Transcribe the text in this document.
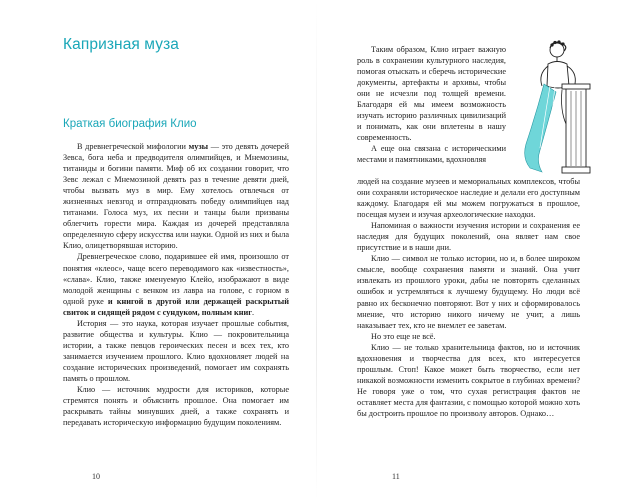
Капризная муза
Краткая биография Клио

В древнегреческой мифологии музы — это девять дочерей Зевса, бога неба и предводителя олимпийцев, и Мнемозины, титаниды и богини памяти. Миф об их создании говорит, что Зевс лежал с Мнемозиной девять раз в течение девяти дней, чтобы вызвать муз в мир. Ему хотелось отвлечься от жизненных невзгод и отпраздновать победу олимпийцев над титанами. Голоса муз, их песни и танцы были призваны облегчить горести мира. Каждая из дочерей представляла определенную сферу искусства или науки. Одной из них и была Клио, олицетворявшая историю.

Древнегреческое слово, подарившее ей имя, произошло от понятия «клеос», чаще всего переводимого как «известность», «слава». Клио, также именуемую Клейо, изображают в виде молодой женщины с венком из лавра на голове, с горном в одной руке и книгой в другой или держащей раскрытый свиток и сидящей рядом с сундуком, полным книг.

История — это наука, которая изучает прошлые события, развитие общества и культуры. Клио — покровительница истории, а также певцов героических песен и всех тех, кто занимается изучением прошлого. Клио вдохновляет людей на создание исторических произведений, помогает им сохранять память о прошлом.

Клио — источник мудрости для историков, которые стремятся понять и объяснить прошлое. Она помогает им раскрывать тайны минувших дней, а также сохранять и передавать историческую информацию будущим поколениям.

10

Таким образом, Клио играет важную роль в сохранении культурного наследия, помогая отыскать и сберечь исторические документы, артефакты и архивы, чтобы они не исчезли под толщей времени. Благодаря ей мы имеем возможность изучать историю различных цивилизаций и понимать, как они вплетены в нашу современность.

А еще она связана с историческими местами и памятниками, вдохновляя

людей на создание музеев и мемориальных комплексов, чтобы они сохраняли историческое наследие и делали его доступным каждому. Благодаря ей мы можем погружаться в прошлое, посещая музеи и изучая археологические находки.

Напоминая о важности изучения истории и сохранения ее наследия для будущих поколений, она являет нам свое присутствие и в наши дни.

Клио — символ не только истории, но и, в более широком смысле, вообще сохранения памяти и знаний. Она учит извлекать из прошлого уроки, дабы не повторять сделанных ошибок и устремляться к лучшему будущему. Но люди всё равно их бесконечно повторяют. Вот у них и сформировалось мнение, что историю никого ничему не учит, а лишь наказывает тех, кто не внемлет ее заветам.

Но это еще не всё.

Клио — не только хранительница фактов, но и источник вдохновения и творчества для всех, кто интересуется прошлым. Стоп! Какое может быть творчество, если нет никакой возможности изменить сокрытое в глубинах времени? Не говоря уже о том, что сухая регистрация фактов не оставляет места для фантазии, с помощью которой можно хоть бы достроить прошлое по произволу авторов. Однако…

11
